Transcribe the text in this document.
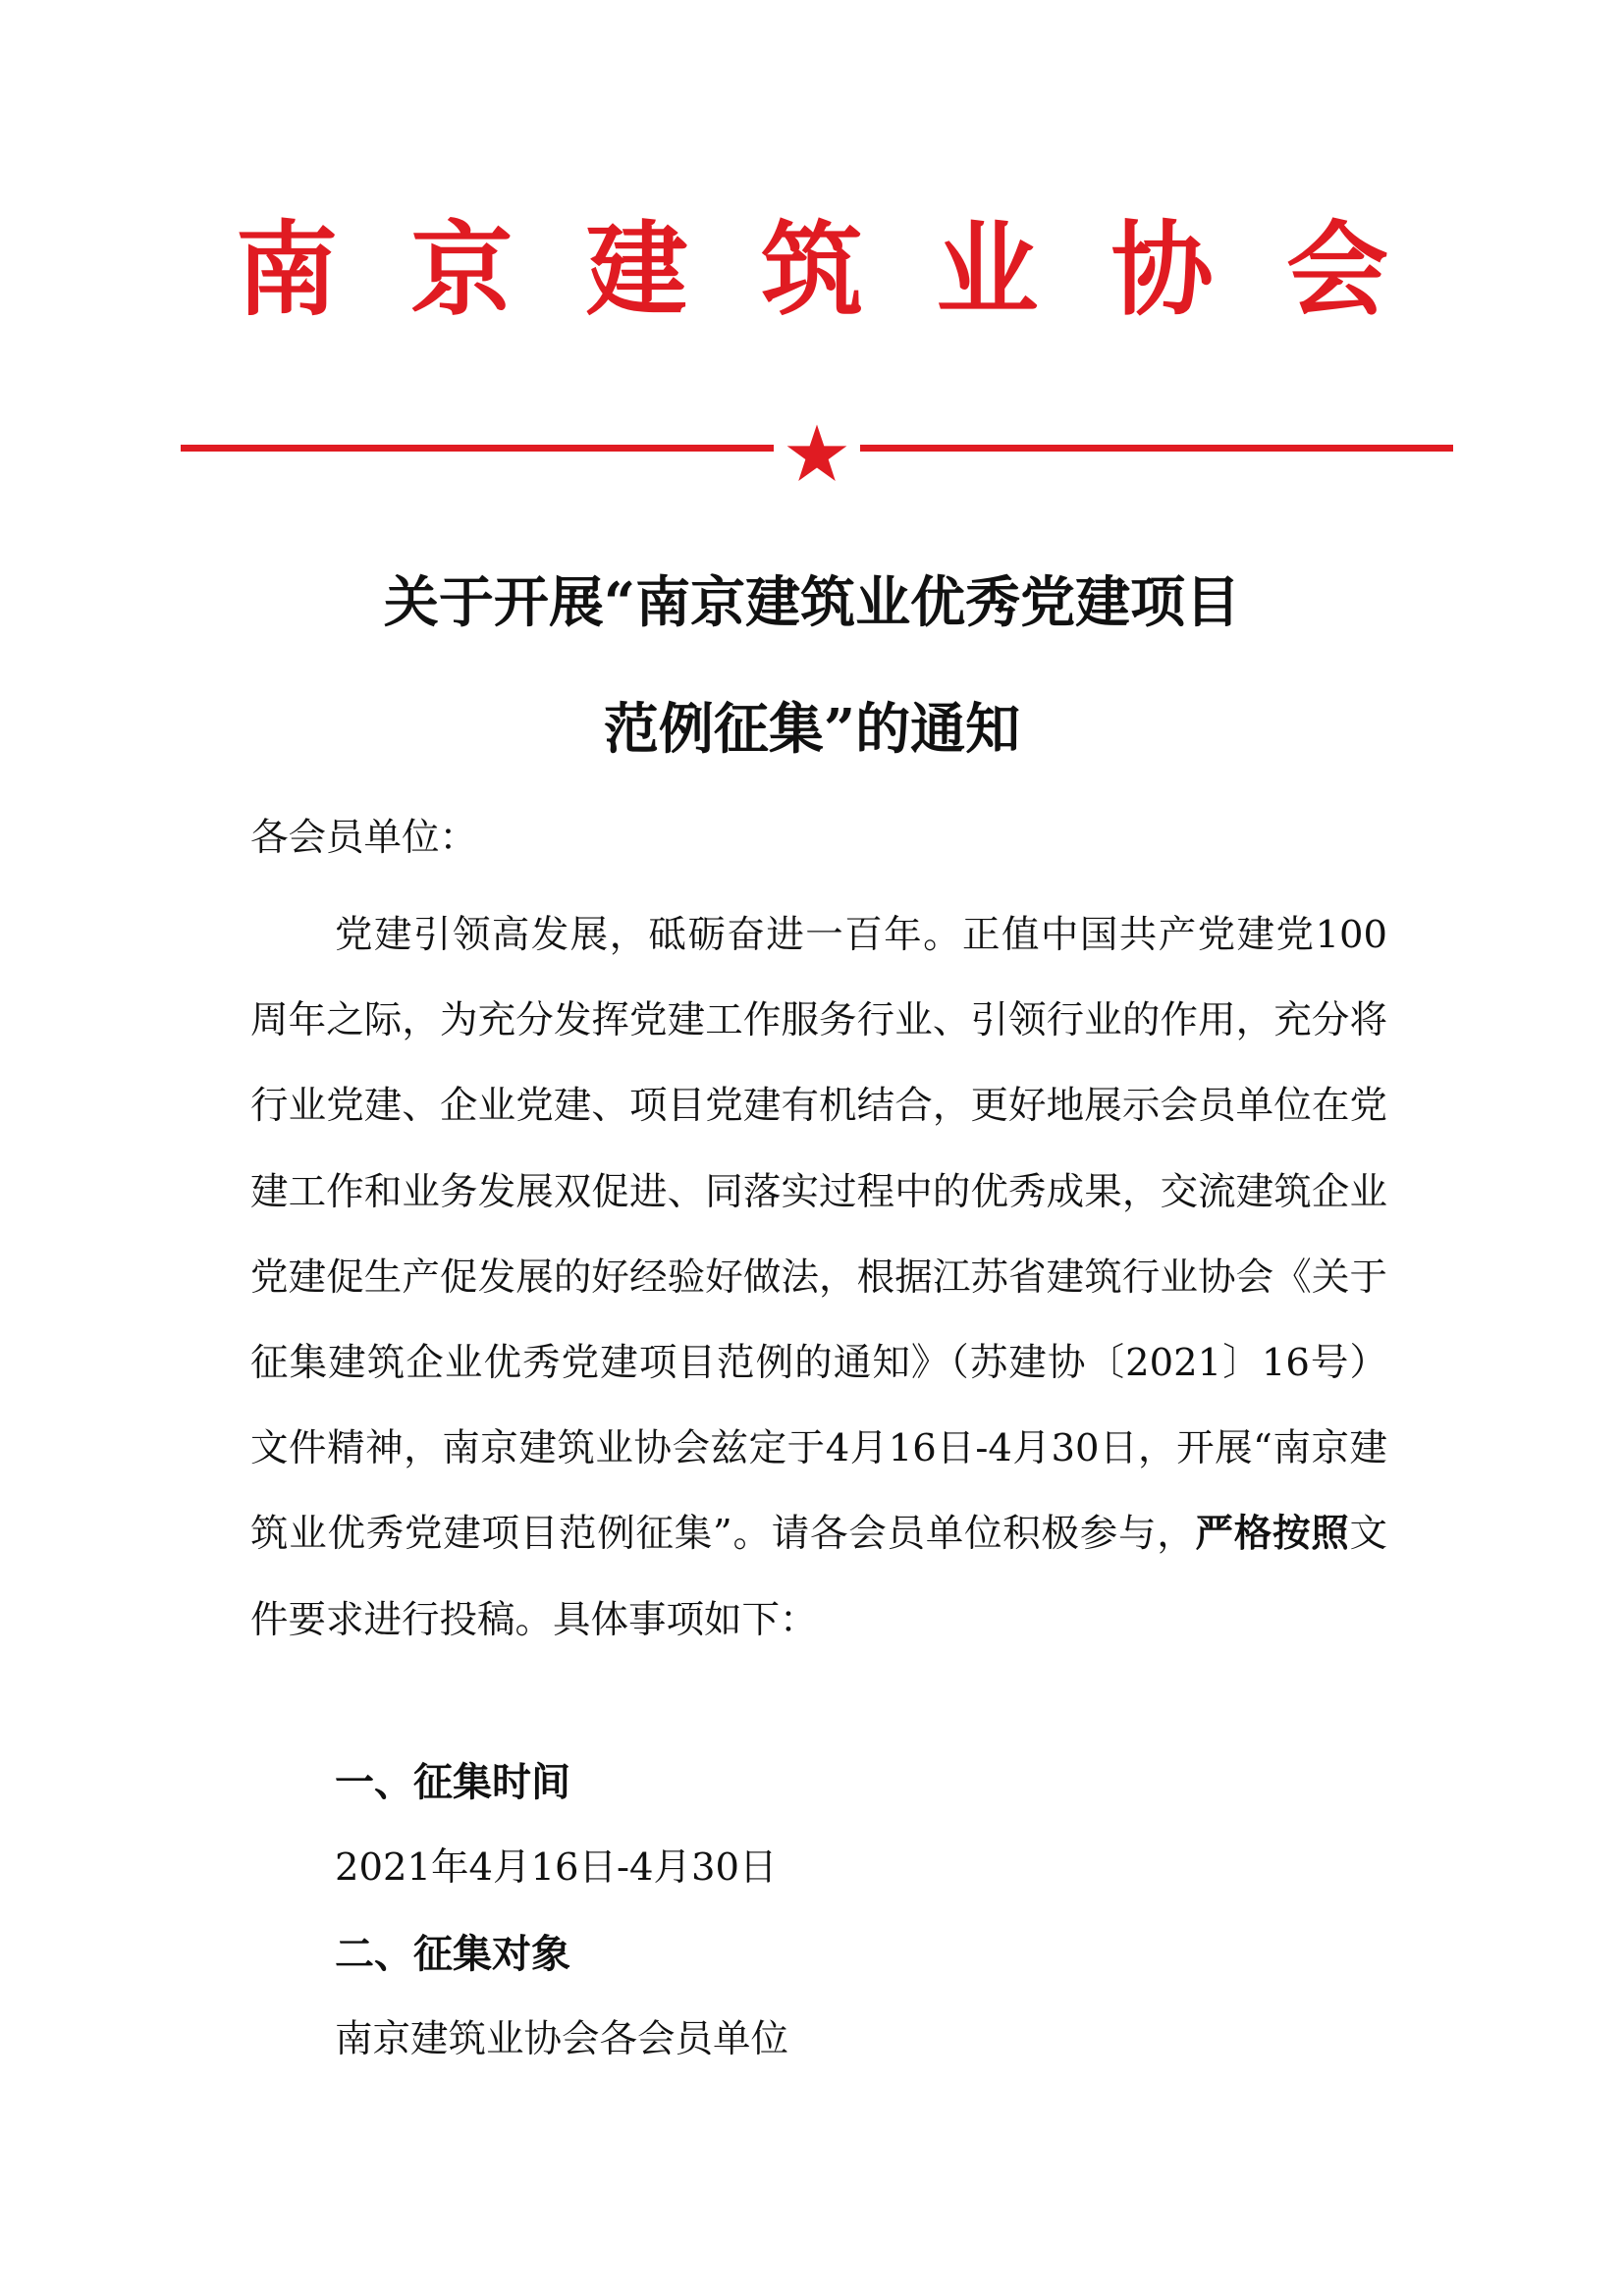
南 京 建 筑 业 协 会
关于开展“南京建筑业优秀党建项目
范例征集”的通知

各会员单位：

党建引领高发展，砥砺奋进一百年。正值中国共产党建党100周年之际，为充分发挥党建工作服务行业、引领行业的作用，充分将行业党建、企业党建、项目党建有机结合，更好地展示会员单位在党建工作和业务发展双促进、同落实过程中的优秀成果，交流建筑企业党建促生产促发展的好经验好做法，根据江苏省建筑行业协会《关于征集建筑企业优秀党建项目范例的通知》（苏建协〔2021〕16号）文件精神，南京建筑业协会兹定于4月16日-4月30日，开展“南京建筑业优秀党建项目范例征集”。请各会员单位积极参与，严格按照文件要求进行投稿。具体事项如下：

一、征集时间

2021年4月16日-4月30日

二、征集对象

南京建筑业协会各会员单位
